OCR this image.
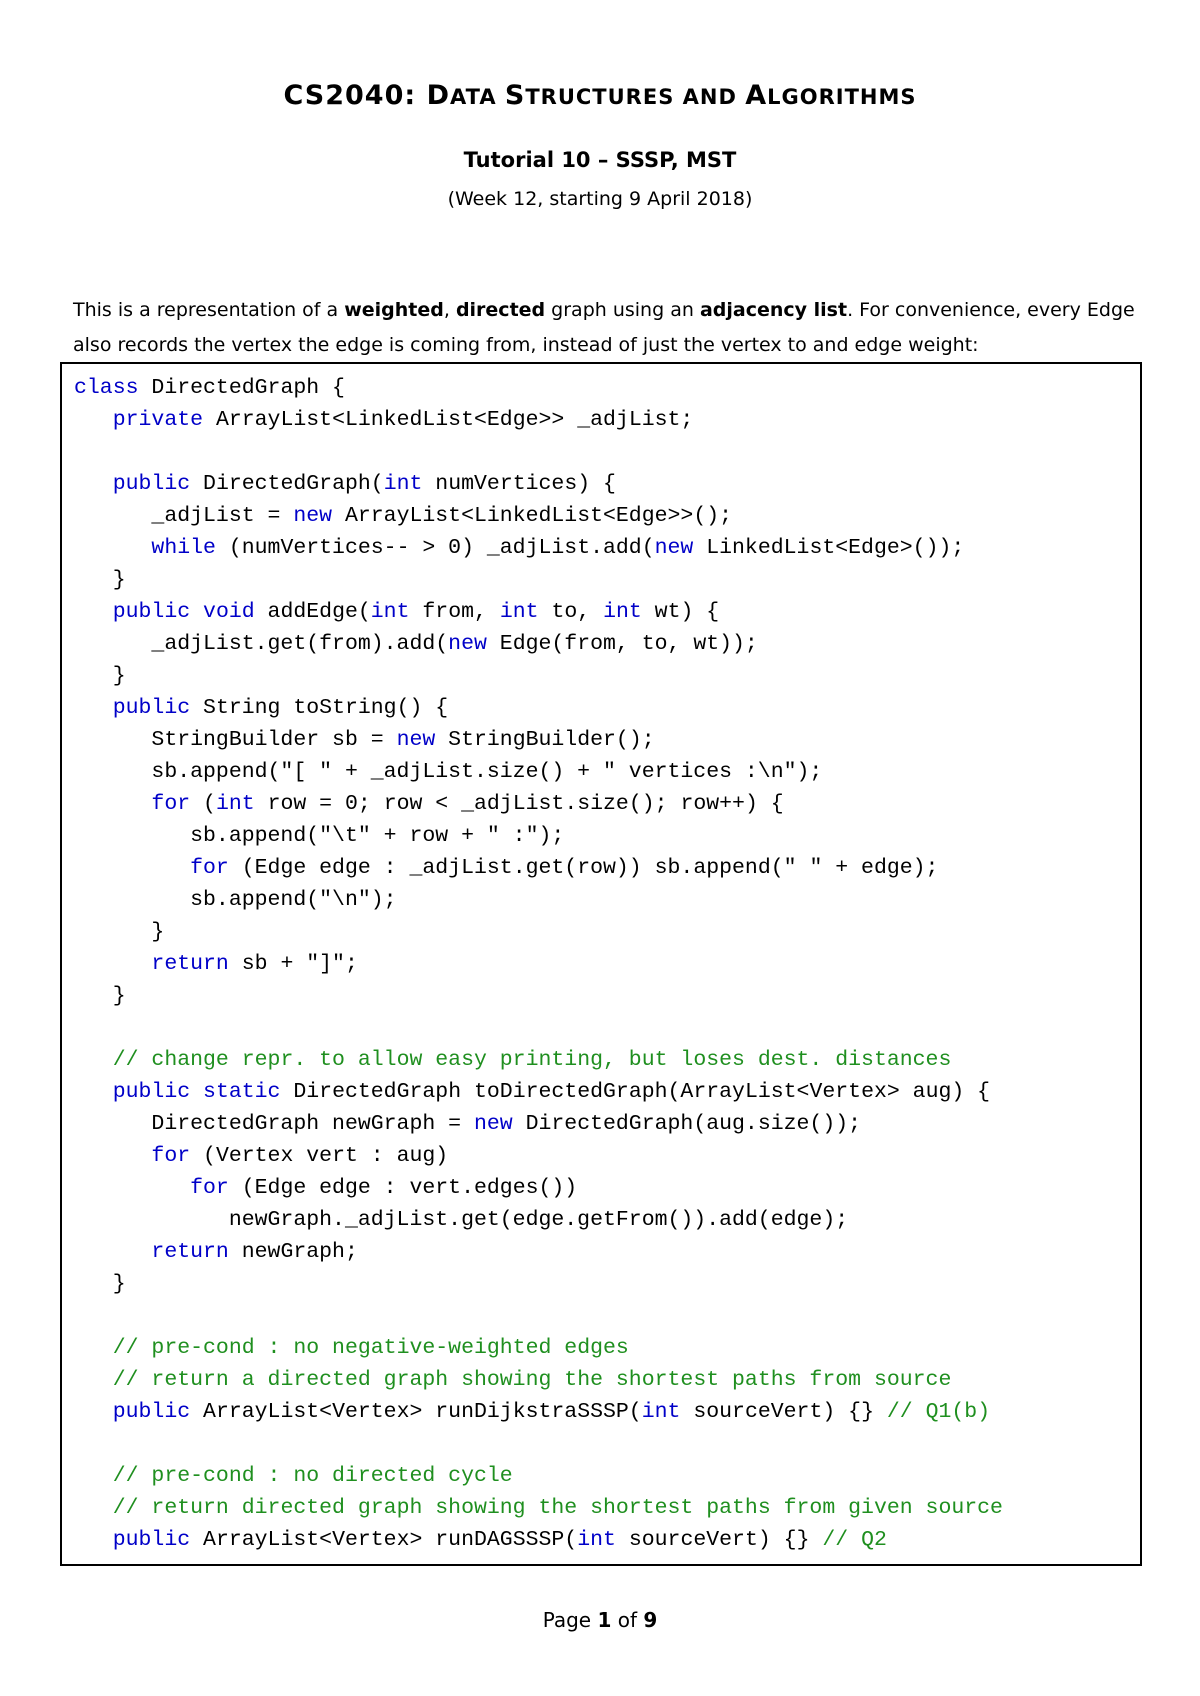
CS2040: DATA STRUCTURES AND ALGORITHMS
Tutorial 10 – SSSP, MST
(Week 12, starting 9 April 2018)
This is a representation of a weighted, directed graph using an adjacency list. For convenience, every Edge also records the vertex the edge is coming from, instead of just the vertex to and edge weight:
class DirectedGraph {
private ArrayList<LinkedList<Edge>> _adjList;
public DirectedGraph(int numVertices) {
_adjList = new ArrayList<LinkedList<Edge>>();
while (numVertices-- > 0) _adjList.add(new LinkedList<Edge>());
}
public void addEdge(int from, int to, int wt) {
_adjList.get(from).add(new Edge(from, to, wt));
}
public String toString() {
StringBuilder sb = new StringBuilder();
sb.append("[ " + _adjList.size() + " vertices :\n");
for (int row = 0; row < _adjList.size(); row++) {
sb.append("\t" + row + " :");
for (Edge edge : _adjList.get(row)) sb.append(" " + edge);
sb.append("\n");
}
return sb + "]";
}
// change repr. to allow easy printing, but loses dest. distances
public static DirectedGraph toDirectedGraph(ArrayList<Vertex> aug) {
DirectedGraph newGraph = new DirectedGraph(aug.size());
for (Vertex vert : aug)
for (Edge edge : vert.edges())
newGraph._adjList.get(edge.getFrom()).add(edge);
return newGraph;
}
// pre-cond : no negative-weighted edges
// return a directed graph showing the shortest paths from source
public ArrayList<Vertex> runDijkstraSSSP(int sourceVert) {} // Q1(b)
// pre-cond : no directed cycle
// return directed graph showing the shortest paths from given source
public ArrayList<Vertex> runDAGSSSP(int sourceVert) {} // Q2
Page 1 of 9
